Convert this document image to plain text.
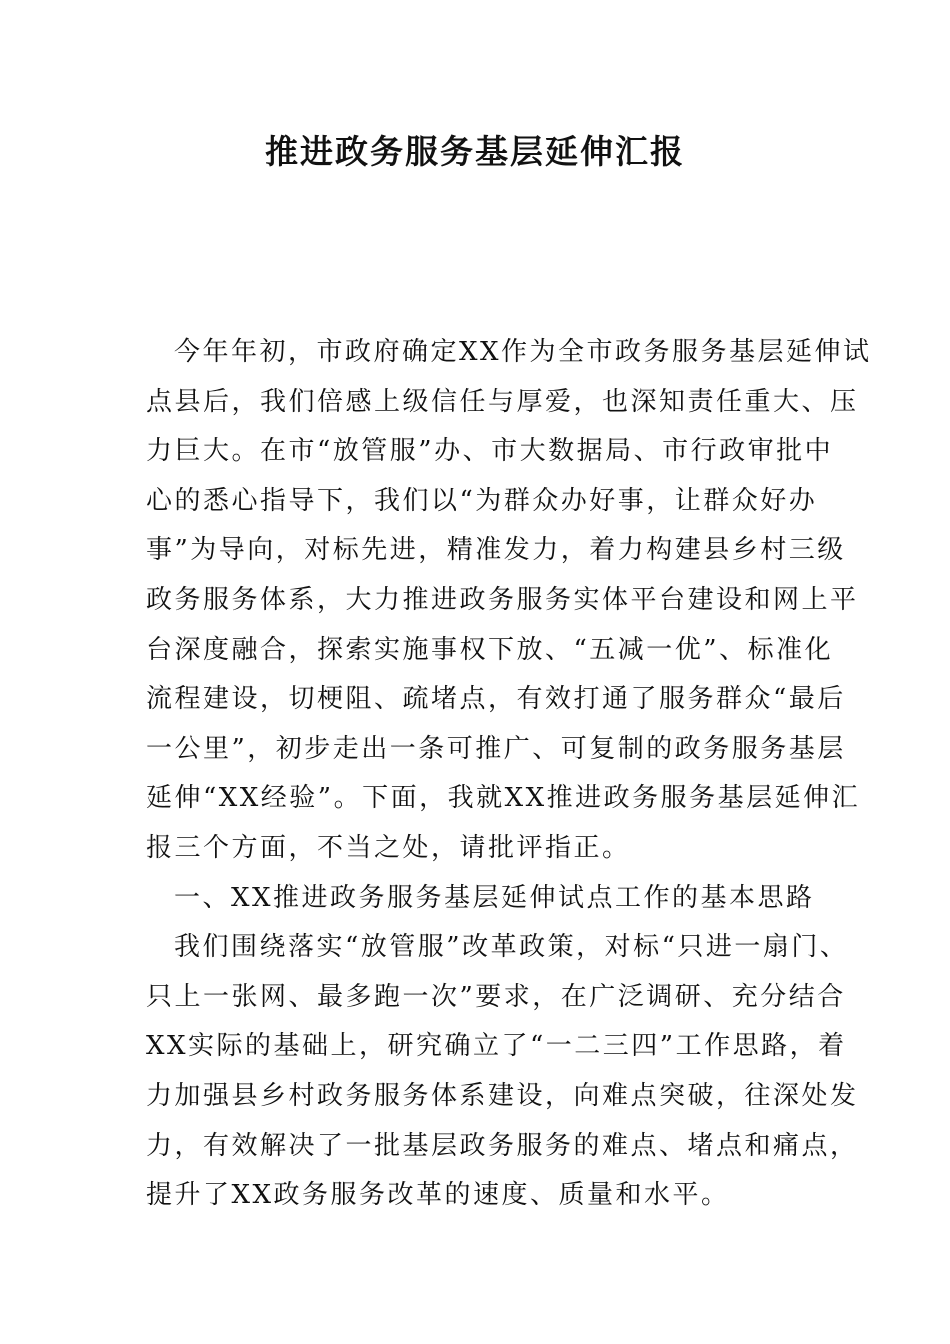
推进政务服务基层延伸汇报
今年年初，市政府确定XX作为全市政务服务基层延伸试
点县后，我们倍感上级信任与厚爱，也深知责任重大、压
力巨大。在市“放管服”办、市大数据局、市行政审批中
心的悉心指导下，我们以“为群众办好事，让群众好办
事”为导向，对标先进，精准发力，着力构建县乡村三级
政务服务体系，大力推进政务服务实体平台建设和网上平
台深度融合，探索实施事权下放、“五减一优”、标准化
流程建设，切梗阻、疏堵点，有效打通了服务群众“最后
一公里”，初步走出一条可推广、可复制的政务服务基层
延伸“XX经验”。下面，我就XX推进政务服务基层延伸汇
报三个方面，不当之处，请批评指正。
一、XX推进政务服务基层延伸试点工作的基本思路
我们围绕落实“放管服”改革政策，对标“只进一扇门、
只上一张网、最多跑一次”要求，在广泛调研、充分结合
XX实际的基础上，研究确立了“一二三四”工作思路，着
力加强县乡村政务服务体系建设，向难点突破，往深处发
力，有效解决了一批基层政务服务的难点、堵点和痛点，
提升了XX政务服务改革的速度、质量和水平。
